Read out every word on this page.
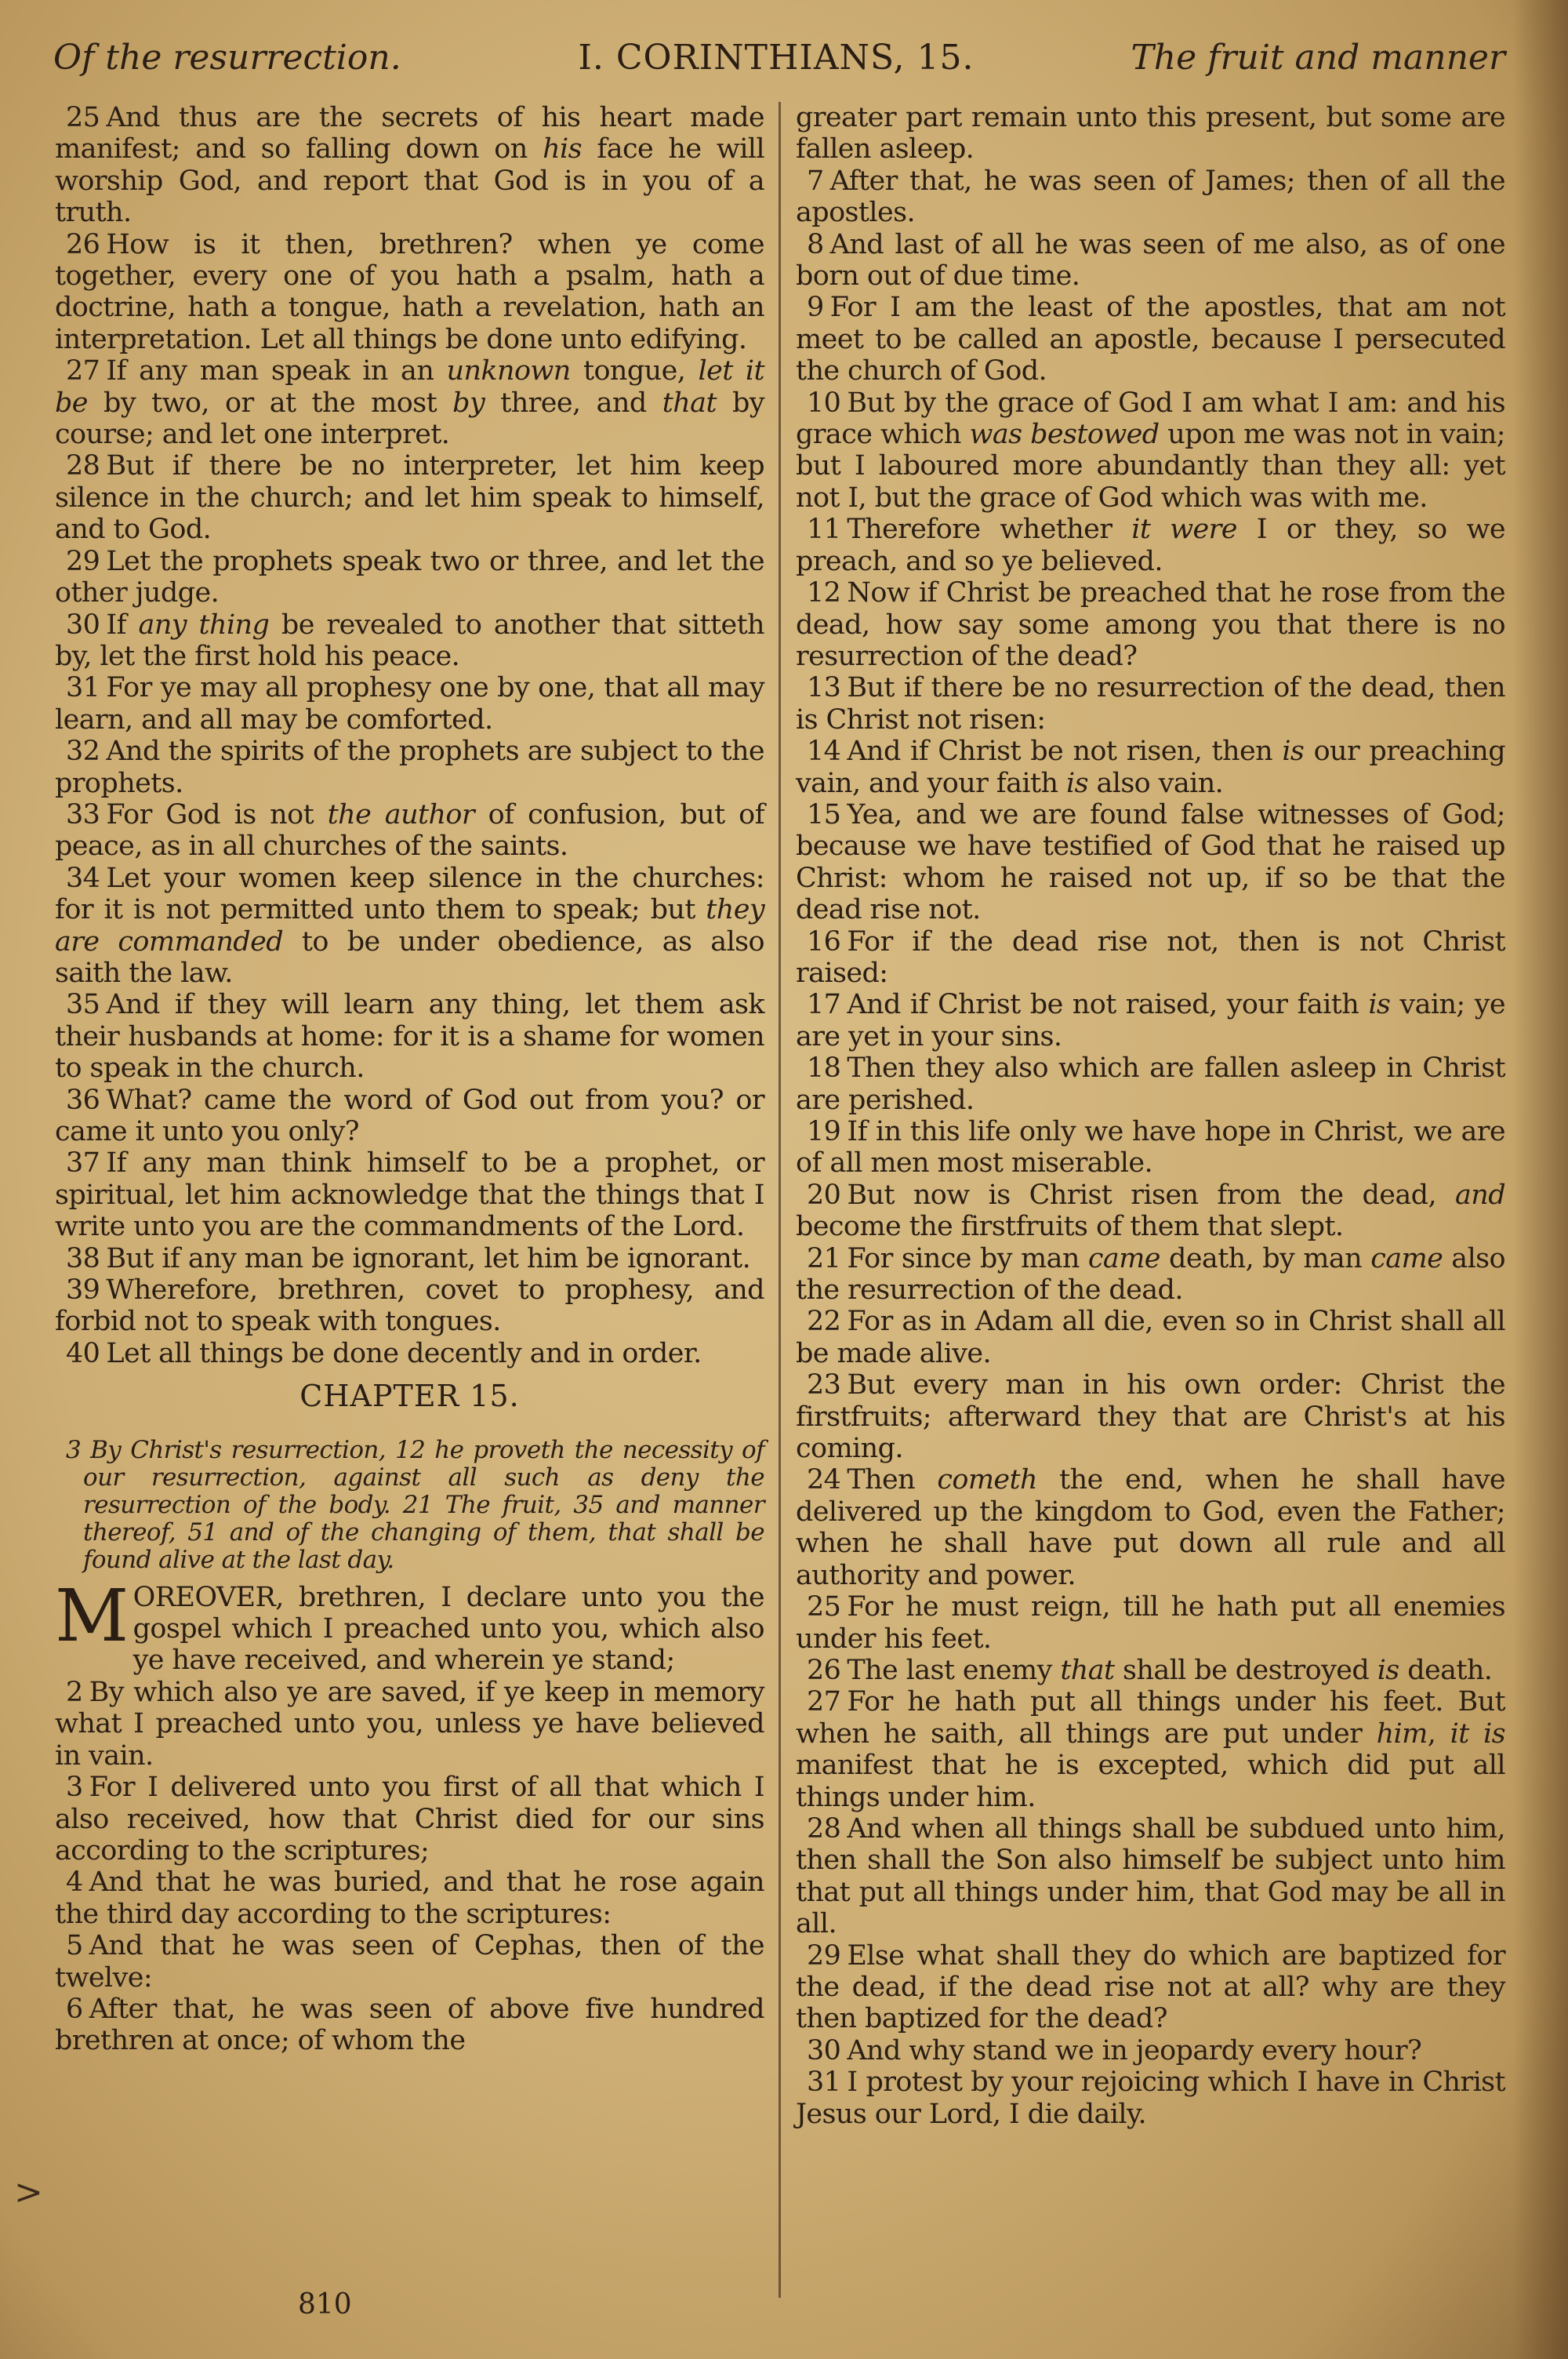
I. CORINTHIANS, 15.
Of the resurrection.	The fruit and manner

25 And thus are the secrets of his heart made manifest; and so falling down on his face he will worship God, and report that God is in you of a truth.

26 How is it then, brethren? when ye come together, every one of you hath a psalm, hath a doctrine, hath a tongue, hath a revelation, hath an interpretation. Let all things be done unto edifying.

27 If any man speak in an unknown tongue, let it be by two, or at the most by three, and that by course; and let one interpret.

28 But if there be no interpreter, let him keep silence in the church; and let him speak to himself, and to God.

29 Let the prophets speak two or three, and let the other judge.

30 If any thing be revealed to another that sitteth by, let the first hold his peace.

31 For ye may all prophesy one by one, that all may learn, and all may be comforted.

32 And the spirits of the prophets are subject to the prophets.

33 For God is not the author of confusion, but of peace, as in all churches of the saints.

34 Let your women keep silence in the churches: for it is not permitted unto them to speak; but they are commanded to be under obedience, as also saith the law.

35 And if they will learn any thing, let them ask their husbands at home: for it is a shame for women to speak in the church.

36 What? came the word of God out from you? or came it unto you only?

37 If any man think himself to be a prophet, or spiritual, let him acknowledge that the things that I write unto you are the commandments of the Lord.

38 But if any man be ignorant, let him be ignorant.

39 Wherefore, brethren, covet to prophesy, and forbid not to speak with tongues.

40 Let all things be done decently and in order.

CHAPTER 15.

3 By Christ's resurrection, 12 he proveth the necessity of our resurrection, against all such as deny the resurrection of the body. 21 The fruit, 35 and manner thereof, 51 and of the changing of them, that shall be found alive at the last day.

MOREOVER, brethren, I declare unto you the gospel which I preached unto you, which also ye have received, and wherein ye stand;

2 By which also ye are saved, if ye keep in memory what I preached unto you, unless ye have believed in vain.

3 For I delivered unto you first of all that which I also received, how that Christ died for our sins according to the scriptures;

4 And that he was buried, and that he rose again the third day according to the scriptures:

5 And that he was seen of Cephas, then of the twelve:

6 After that, he was seen of above five hundred brethren at once; of whom the

greater part remain unto this present, but some are fallen asleep.

7 After that, he was seen of James; then of all the apostles.

8 And last of all he was seen of me also, as of one born out of due time.

9 For I am the least of the apostles, that am not meet to be called an apostle, because I persecuted the church of God.

10 But by the grace of God I am what I am: and his grace which was bestowed upon me was not in vain; but I laboured more abundantly than they all: yet not I, but the grace of God which was with me.

11 Therefore whether it were I or they, so we preach, and so ye believed.

12 Now if Christ be preached that he rose from the dead, how say some among you that there is no resurrection of the dead?

13 But if there be no resurrection of the dead, then is Christ not risen:

14 And if Christ be not risen, then is our preaching vain, and your faith is also vain.

15 Yea, and we are found false witnesses of God; because we have testified of God that he raised up Christ: whom he raised not up, if so be that the dead rise not.

16 For if the dead rise not, then is not Christ raised:

17 And if Christ be not raised, your faith is vain; ye are yet in your sins.

18 Then they also which are fallen asleep in Christ are perished.

19 If in this life only we have hope in Christ, we are of all men most miserable.

20 But now is Christ risen from the dead, and become the firstfruits of them that slept.

21 For since by man came death, by man came also the resurrection of the dead.

22 For as in Adam all die, even so in Christ shall all be made alive.

23 But every man in his own order: Christ the firstfruits; afterward they that are Christ's at his coming.

24 Then cometh the end, when he shall have delivered up the kingdom to God, even the Father; when he shall have put down all rule and all authority and power.

25 For he must reign, till he hath put all enemies under his feet.

26 The last enemy that shall be destroyed is death.

27 For he hath put all things under his feet. But when he saith, all things are put under him, it is manifest that he is excepted, which did put all things under him.

28 And when all things shall be subdued unto him, then shall the Son also himself be subject unto him that put all things under him, that God may be all in all.

29 Else what shall they do which are baptized for the dead, if the dead rise not at all? why are they then baptized for the dead?

30 And why stand we in jeopardy every hour?

31 I protest by your rejoicing which I have in Christ Jesus our Lord, I die daily.

>
810
